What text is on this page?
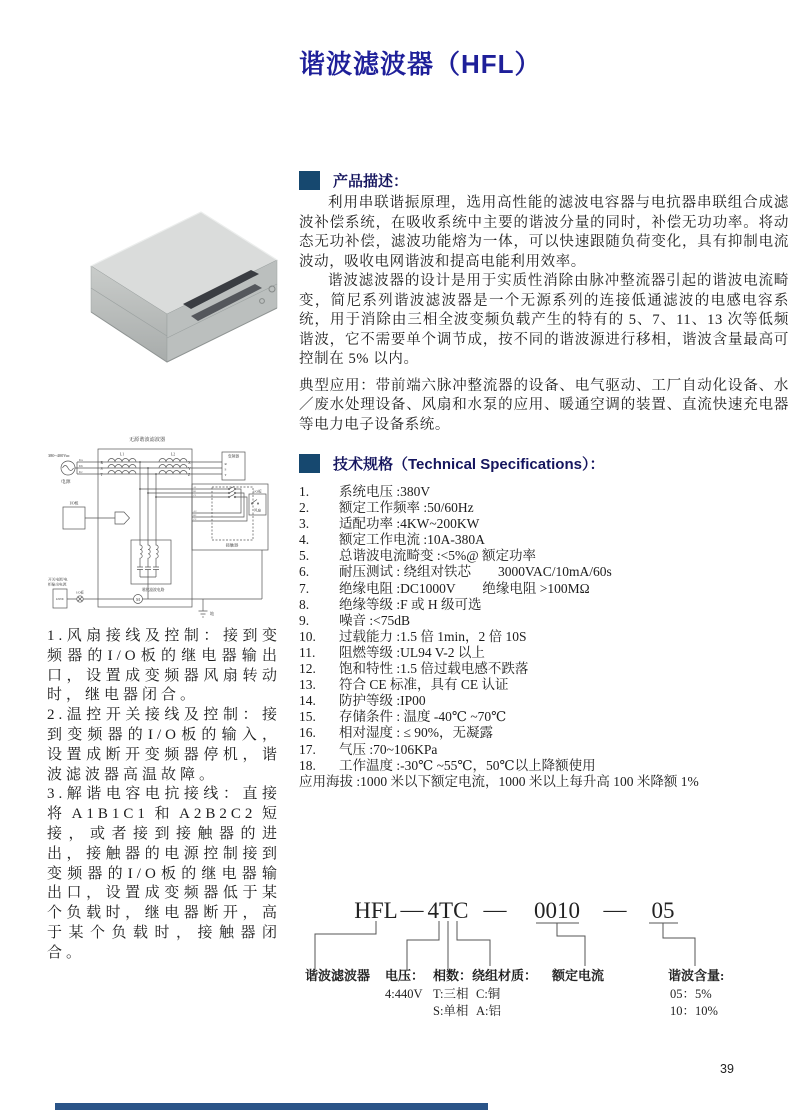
谐波滤波器（HFL）
产品描述：

利用串联谐振原理，选用高性能的滤波电容器与电抗器串联组合成滤波补偿系统，在吸收系统中主要的谐波分量的同时，补偿无功功率。将动态无功补偿，滤波功能熔为一体，可以快速跟随负荷变化，具有抑制电流波动，吸收电网谐波和提高电能利用效率。

谐波滤波器的设计是用于实质性消除由脉冲整流器引起的谐波电流畸变，简尼系列谐波滤波器是一个无源系列的连接低通滤波的电感电容系统，用于消除由三相全波变频负载产生的特有的 5、7、11、13 次等低频谐波，它不需要单个调节成，按不同的谐波源进行移相，谐波含量最高可控制在 5% 以内。

典型应用：带前端六脉冲整流器的设备、电气驱动、工厂自动化设备、水／废水处理设备、风扇和水泵的应用、暖通空调的装置、直流快速充电器等电力电子设备系统。

无源谐波滤波器
380~400Vac
电源
Ua
Ub
Uc
R
S
T
L1	L2
X
Y
Z
变频器
R
S
T
接触器
A1
B1
C1
A2
B2
C2
I/O板
风扇
I/O板
谐波滤波电路
开关电源/电
柜输出电源
24VDC
I/O板
M
地

1.风扇接线及控制：接到变频器的I/O板的继电器输出口，设置成变频器风扇转动时，继电器闭合。

2.温控开关接线及控制：接到变频器的I/O板的输入，设置成断开变频器停机，谐波滤波器高温故障。

3.解谐电容电抗接线：直接将A1B1C1和A2B2C2短接，或者接到接触器的进出，接触器的电源控制接到变频器的I/O板的继电器输出口，设置成变频器低于某个负载时，继电器断开，高于某个负载时，接触器闭合。

技术规格（Technical Specifications）：
1.	系统电压 :380V
2.	额定工作频率 :50/60Hz
3.	适配功率 :4KW~200KW
4.	额定工作电流 :10A-380A
5.	总谐波电流畸变 :<5%@ 额定功率
6.	耐压测试 : 绕组对铁芯　　3000VAC/10mA/60s
7.	绝缘电阻 :DC1000V　　绝缘电阻 >100MΩ
8.	绝缘等级 :F 或 H 级可选
9.	噪音 :<75dB
10.	过载能力 :1.5 倍 1min，2 倍 10S
11.	阻燃等级 :UL94 V-2 以上
12.	饱和特性 :1.5 倍过载电感不跌落
13.	符合 CE 标准，具有 CE 认证
14.	防护等级 :IP00
15.	存储条件 : 温度 -40℃ ~70℃
16.	相对湿度 : ≤ 90%，无凝露
17.	气压 :70~106KPa
18.	工作温度 :-30℃ ~55℃，50℃以上降额使用
应用海拔 :1000 米以下额定电流，1000 米以上每升高 100 米降额 1%
HFL — 4TC — 0010 — 05
谐波滤波器 电压： 相数： 绕组材质： 额定电流	谐波含量:
4:440V T:三相
S:单相
C:铜
A:铝
05：5%
10：10%
39
